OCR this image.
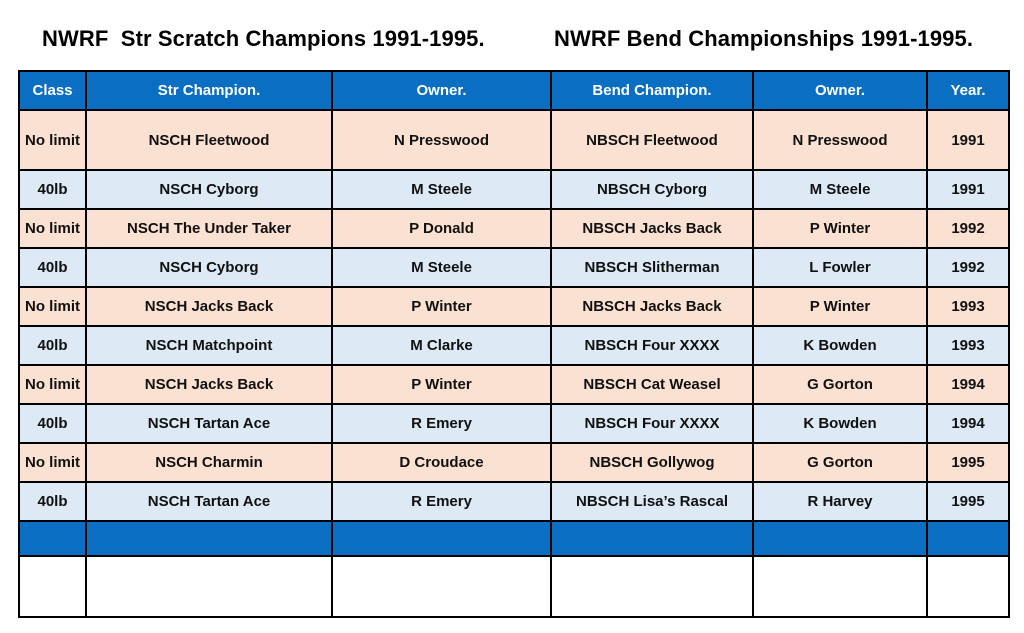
NWRF  Str Scratch Champions 1991-1995.	NWRF Bend Championships 1991-1995.
Class	Str Champion.	Owner.	Bend Champion.	Owner.	Year.
No limit	NSCH Fleetwood	N Presswood	NBSCH Fleetwood	N Presswood	1991
40lb	NSCH Cyborg	M Steele	NBSCH Cyborg	M Steele	1991
No limit	NSCH The Under Taker	P Donald	NBSCH Jacks Back	P Winter	1992
40lb	NSCH Cyborg	M Steele	NBSCH Slitherman	L Fowler	1992
No limit	NSCH Jacks Back	P Winter	NBSCH Jacks Back	P Winter	1993
40lb	NSCH Matchpoint	M Clarke	NBSCH Four XXXX	K Bowden	1993
No limit	NSCH Jacks Back	P Winter	NBSCH Cat Weasel	G Gorton	1994
40lb	NSCH Tartan Ace	R Emery	NBSCH Four XXXX	K Bowden	1994
No limit	NSCH Charmin	D Croudace	NBSCH Gollywog	G Gorton	1995
40lb	NSCH Tartan Ace	R Emery	NBSCH Lisa’s Rascal	R Harvey	1995
